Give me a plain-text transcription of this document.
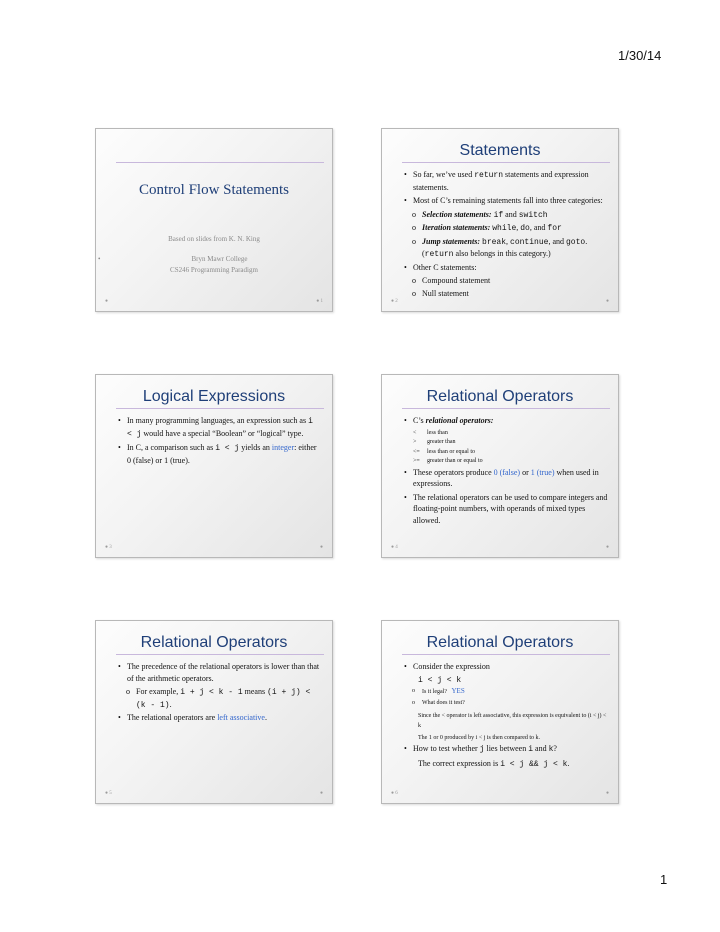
1/30/14
Control Flow Statements
Based on slides from K. N. King
• Bryn Mawr College
CS246 Programming Paradigm
●	● 1
Statements
• So far, we’ve used return statements and expression statements.
• Most of C’s remaining statements fall into three categories:
o Selection statements: if and switch
o Iteration statements: while, do, and for
o Jump statements: break, continue, and goto. (return also belongs in this category.)
• Other C statements:
o Compound statement
o Null statement
● 2	●
Logical Expressions
• In many programming languages, an expression such as i < j would have a special “Boolean” or “logical” type.
• In C, a comparison such as i < j yields an integer: either 0 (false) or 1 (true).
● 3	●
Relational Operators
• C’s relational operators:
<	less than
>	greater than
<=	less than or equal to
>=	greater than or equal to
• These operators produce 0 (false) or 1 (true) when used in expressions.
• The relational operators can be used to compare integers and floating-point numbers, with operands of mixed types allowed.
● 4	●
Relational Operators
• The precedence of the relational operators is lower than that of the arithmetic operators.
o For example, i + j < k - 1 means (i + j) < (k - 1).
• The relational operators are left associative.
● 5	●
Relational Operators
• Consider the expression
i < j < k
o Is it legal? YES
o What does it test?
Since the < operator is left associative, this expression is equivalent to (i < j) < k
The 1 or 0 produced by i < j is then compared to k.
• How to test whether j lies between i and k?
The correct expression is i < j && j < k.
● 6	●
1
